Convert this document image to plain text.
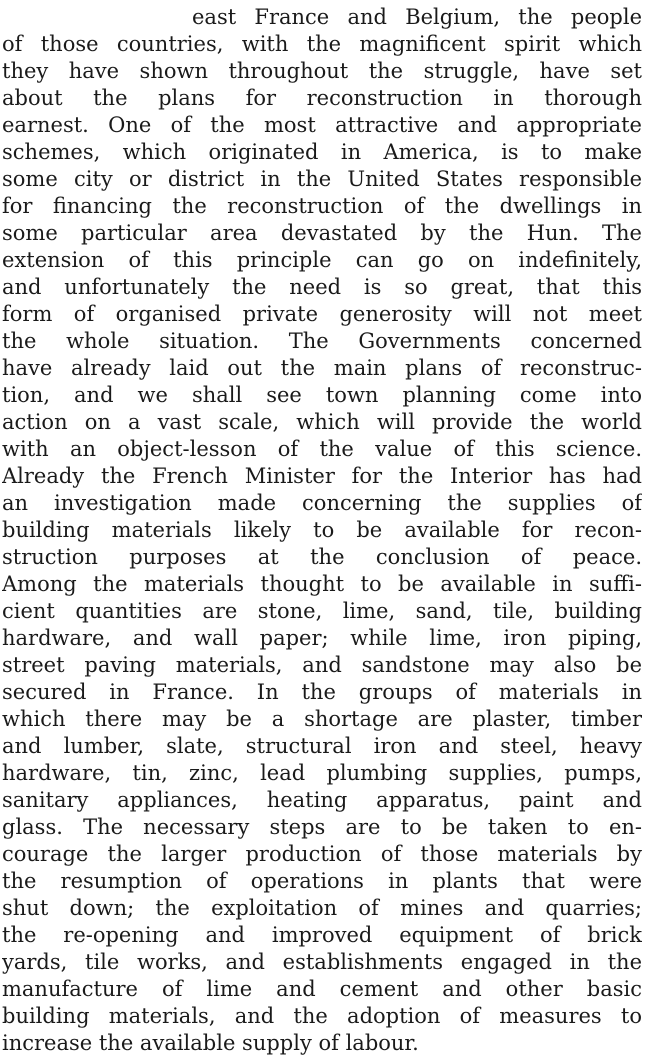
east France and Belgium, the people
of those countries, with the magnificent spirit which
they have shown throughout the struggle, have set
about the plans for reconstruction in thorough
earnest. One of the most attractive and appropriate
schemes, which originated in America, is to make
some city or district in the United States responsible
for financing the reconstruction of the dwellings in
some particular area devastated by the Hun. The
extension of this principle can go on indefinitely,
and unfortunately the need is so great, that this
form of organised private generosity will not meet
the whole situation. The Governments concerned
have already laid out the main plans of reconstruc-
tion, and we shall see town planning come into
action on a vast scale, which will provide the world
with an object-lesson of the value of this science.
Already the French Minister for the Interior has had
an investigation made concerning the supplies of
building materials likely to be available for recon-
struction purposes at the conclusion of peace.
Among the materials thought to be available in suffi-
cient quantities are stone, lime, sand, tile, building
hardware, and wall paper; while lime, iron piping,
street paving materials, and sandstone may also be
secured in France. In the groups of materials in
which there may be a shortage are plaster, timber
and lumber, slate, structural iron and steel, heavy
hardware, tin, zinc, lead plumbing supplies, pumps,
sanitary appliances, heating apparatus, paint and
glass. The necessary steps are to be taken to en-
courage the larger production of those materials by
the resumption of operations in plants that were
shut down; the exploitation of mines and quarries;
the re-opening and improved equipment of brick
yards, tile works, and establishments engaged in the
manufacture of lime and cement and other basic
building materials, and the adoption of measures to
increase the available supply of labour.
